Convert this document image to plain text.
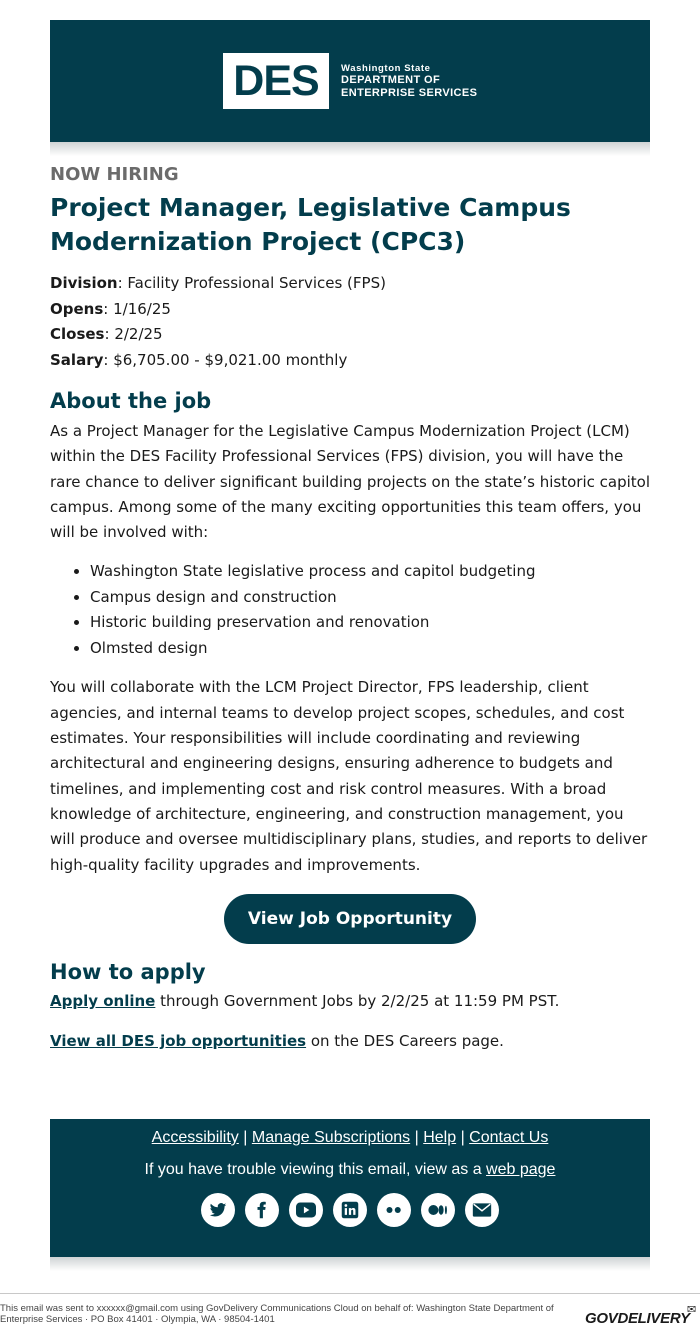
DES	Washington State
DEPARTMENT OF
ENTERPRISE SERVICES
NOW HIRING
Project Manager, Legislative Campus Modernization Project (CPC3)
Division: Facility Professional Services (FPS)
Opens: 1/16/25
Closes: 2/2/25
Salary: $6,705.00 - $9,021.00 monthly
About the job

As a Project Manager for the Legislative Campus Modernization Project (LCM) within the DES Facility Professional Services (FPS) division, you will have the rare chance to deliver significant building projects on the state’s historic capitol campus. Among some of the many exciting opportunities this team offers, you will be involved with:

• Washington State legislative process and capitol budgeting
• Campus design and construction
• Historic building preservation and renovation
• Olmsted design

You will collaborate with the LCM Project Director, FPS leadership, client agencies, and internal teams to develop project scopes, schedules, and cost estimates. Your responsibilities will include coordinating and reviewing architectural and engineering designs, ensuring adherence to budgets and timelines, and implementing cost and risk control measures. With a broad knowledge of architecture, engineering, and construction management, you will produce and oversee multidisciplinary plans, studies, and reports to deliver high-quality facility upgrades and improvements.

View Job Opportunity
How to apply

Apply online through Government Jobs by 2/2/25 at 11:59 PM PST.

View all DES job opportunities on the DES Careers page.

Accessibility | Manage Subscriptions | Help | Contact Us
If you have trouble viewing this email, view as a web page
This email was sent to xxxxxx@gmail.com using GovDelivery Communications Cloud on behalf of: Washington State Department of Enterprise Services · PO Box 41401 · Olympia, WA · 98504-1401	GOVDELIVERY
✉
